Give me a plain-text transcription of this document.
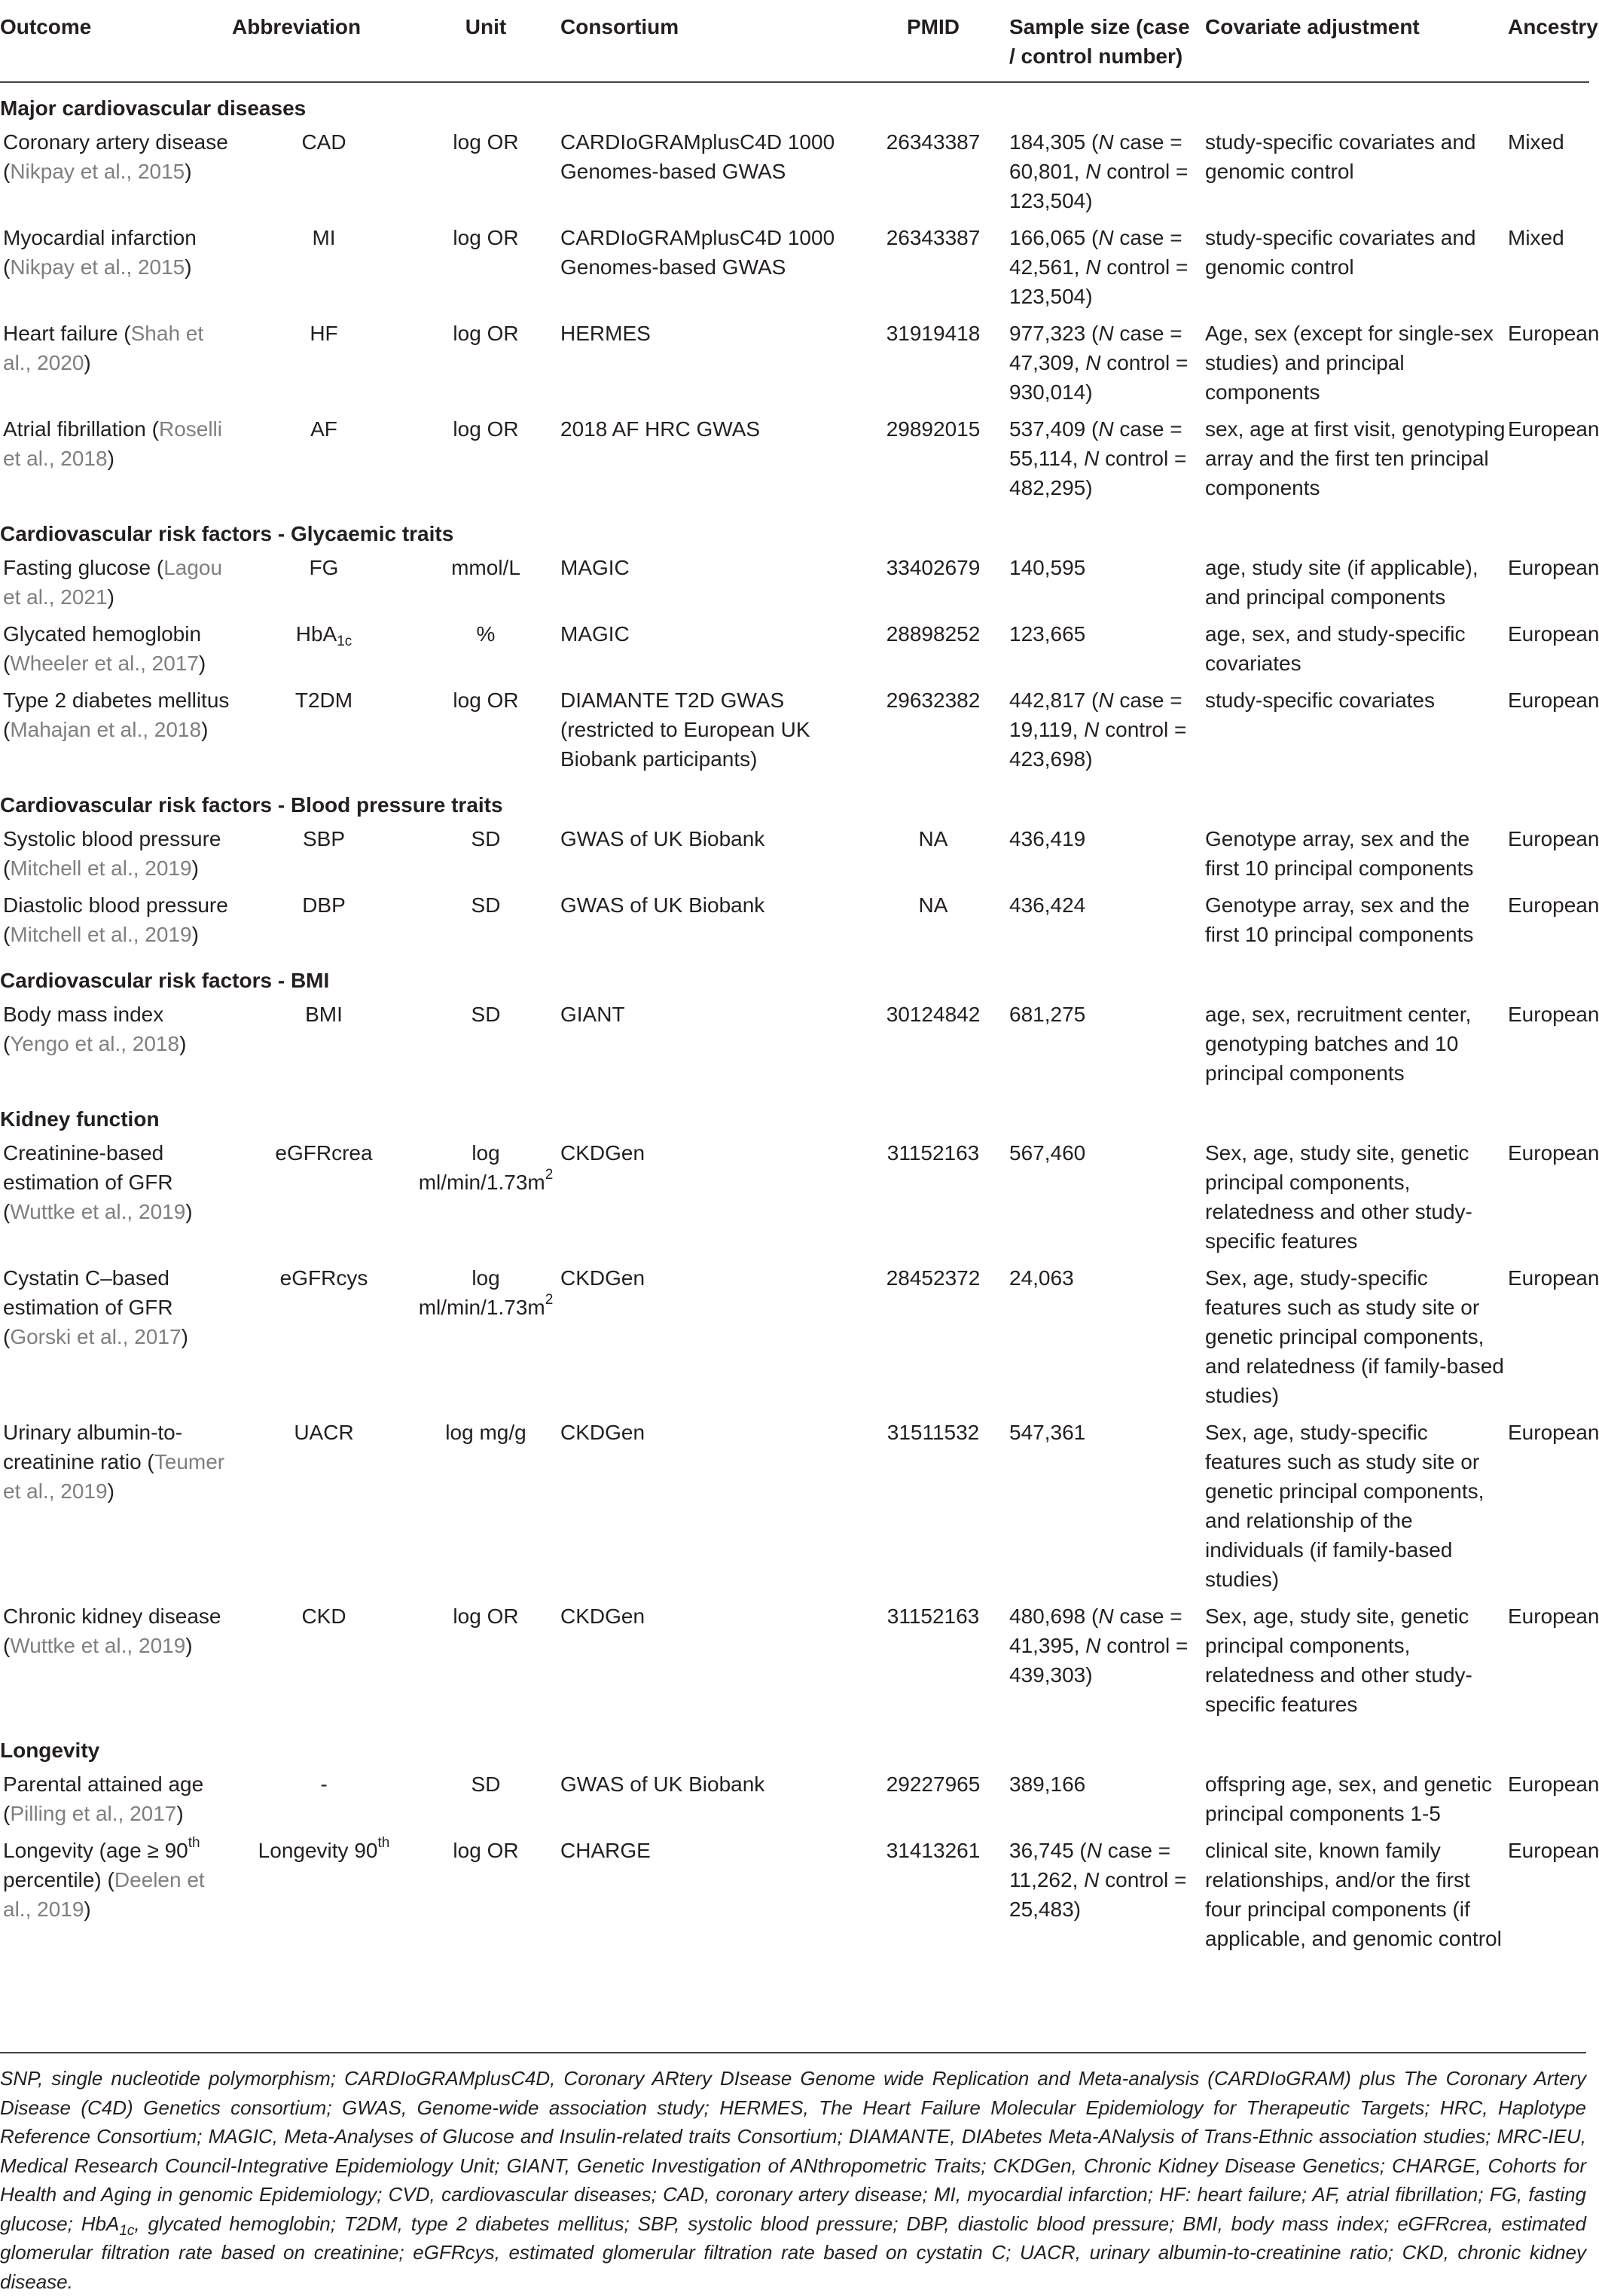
Outcome	Abbreviation	Unit	Consortium	PMID	Sample size (case / control number)	Covariate adjustment	Ancestry
Major cardiovascular diseases							
Coronary artery disease (Nikpay et al., 2015)	CAD	log OR	CARDIoGRAMplusC4D 1000 Genomes-based GWAS	26343387	184,305 (N case = 60,801, N control = 123,504)	study-specific covariates and genomic control	Mixed
Myocardial infarction (Nikpay et al., 2015)	MI	log OR	CARDIoGRAMplusC4D 1000 Genomes-based GWAS	26343387	166,065 (N case = 42,561, N control = 123,504)	study-specific covariates and genomic control	Mixed
Heart failure (Shah et al., 2020)	HF	log OR	HERMES	31919418	977,323 (N case = 47,309, N control = 930,014)	Age, sex (except for single-sex studies) and principal components	European
Atrial fibrillation (Roselli et al., 2018)	AF	log OR	2018 AF HRC GWAS	29892015	537,409 (N case = 55,114, N control = 482,295)	sex, age at first visit, genotyping array and the first ten principal components	European
Cardiovascular risk factors - Glycaemic traits							
Fasting glucose (Lagou et al., 2021)	FG	mmol/L	MAGIC	33402679	140,595	age, study site (if applicable), and principal components	European
Glycated hemoglobin (Wheeler et al., 2017)	HbA$_{1c}$	%	MAGIC	28898252	123,665	age, sex, and study-specific covariates	European
Type 2 diabetes mellitus (Mahajan et al., 2018)	T2DM	log OR	DIAMANTE T2D GWAS (restricted to European UK Biobank participants)	29632382	442,817 (N case = 19,119, N control = 423,698)	study-specific covariates	European
Cardiovascular risk factors - Blood pressure traits							
Systolic blood pressure (Mitchell et al., 2019)	SBP	SD	GWAS of UK Biobank	NA	436,419	Genotype array, sex and the first 10 principal components	European
Diastolic blood pressure (Mitchell et al., 2019)	DBP	SD	GWAS of UK Biobank	NA	436,424	Genotype array, sex and the first 10 principal components	European
Cardiovascular risk factors - BMI							
Body mass index (Yengo et al., 2018)	BMI	SD	GIANT	30124842	681,275	age, sex, recruitment center, genotyping batches and 10 principal components	European
Kidney function							
Creatinine-based estimation of GFR (Wuttke et al., 2019)	eGFRcrea	$\log ml/\min/1.73m^2$	CKDGen	31152163	567,460	Sex, age, study site, genetic principal components, relatedness and other study-specific features	European
Cystatin C–based estimation of GFR (Gorski et al., 2017)	eGFRcys	$\log ml/\min/1.73m^2$	CKDGen	28452372	24,063	Sex, age, study-specific features such as study site or genetic principal components, and relatedness (if family-based studies)	European
Urinary albumin-to-creatinine ratio (Teumer et al., 2019)	UACR	log mg/g	CKDGen	31511532	547,361	Sex, age, study-specific features such as study site or genetic principal components, and relationship of the individuals (if family-based studies)	European
Chronic kidney disease (Wuttke et al., 2019)	CKD	log OR	CKDGen	31152163	480,698 (N case = 41,395, N control = 439,303)	Sex, age, study site, genetic principal components, relatedness and other study-specific features	European
Longevity							
Parental attained age (Pilling et al., 2017)	-	SD	GWAS of UK Biobank	29227965	389,166	offspring age, sex, and genetic principal components 1-5	European
Longevity (age ≥ 90th percentile) (Deelen et al., 2019)	Longevity 90th	log OR	CHARGE	31413261	36,745 (N case = 11,262, N control = 25,483)	clinical site, known family relationships, and/or the first four principal components (if applicable, and genomic control	European
SNP, single nucleotide polymorphism; CARDIoGRAMplusC4D, Coronary ARtery DIsease Genome wide Replication and Meta-analysis (CARDIoGRAM) plus The Coronary Artery Disease (C4D) Genetics consortium; GWAS, Genome-wide association study; HERMES, The Heart Failure Molecular Epidemiology for Therapeutic Targets; HRC, Haplotype Reference Consortium; MAGIC, Meta-Analyses of Glucose and Insulin-related traits Consortium; DIAMANTE, DIAbetes Meta-ANalysis of Trans-Ethnic association studies; MRC-IEU, Medical Research Council-Integrative Epidemiology Unit; GIANT, Genetic Investigation of ANthropometric Traits; CKDGen, Chronic Kidney Disease Genetics; CHARGE, Cohorts for Health and Aging in genomic Epidemiology; CVD, cardiovascular diseases; CAD, coronary artery disease; MI, myocardial infarction; HF: heart failure; AF, atrial fibrillation; FG, fasting glucose; HbA$_{1c}$, glycated hemoglobin; T2DM, type 2 diabetes mellitus; SBP, systolic blood pressure; DBP, diastolic blood pressure; BMI, body mass index; eGFRcrea, estimated glomerular filtration rate based on creatinine; eGFRcys, estimated glomerular filtration rate based on cystatin C; UACR, urinary albumin-to-creatinine ratio; CKD, chronic kidney disease.
